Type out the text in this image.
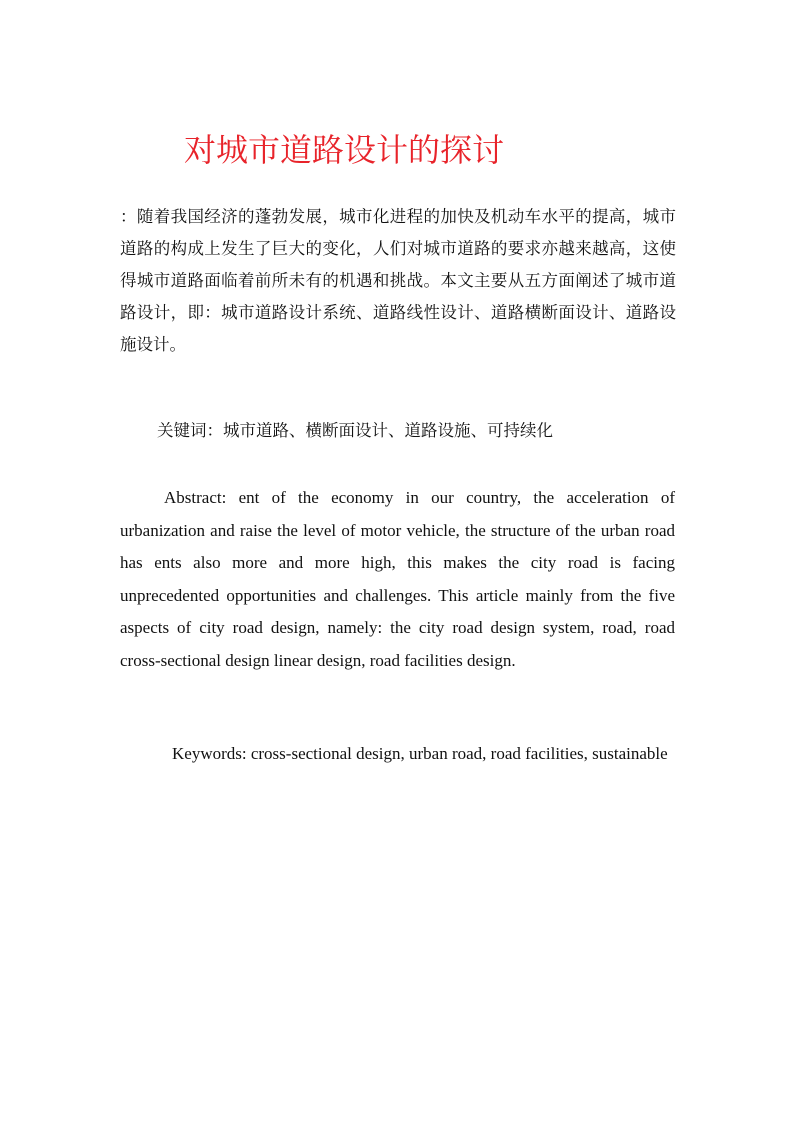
对城市道路设计的探讨

：随着我国经济的蓬勃发展，城市化进程的加快及机动车水平的提高，城市道路的构成上发生了巨大的变化，人们对城市道路的要求亦越来越高，这使得城市道路面临着前所未有的机遇和挑战。本文主要从五方面阐述了城市道路设计，即：城市道路设计系统、道路线性设计、道路横断面设计、道路设施设计。

关键词：城市道路、横断面设计、道路设施、可持续化

Abstract: ent of the economy in our country, the acceleration of urbanization and raise the level of motor vehicle, the structure of the urban road has ents also more and more high, this makes the city road is facing unprecedented opportunities and challenges. This article mainly from the five aspects of city road design, namely: the city road design system, road, road cross-sectional design linear design, road facilities design.

Keywords: cross-sectional design, urban road, road facilities, sustainable
